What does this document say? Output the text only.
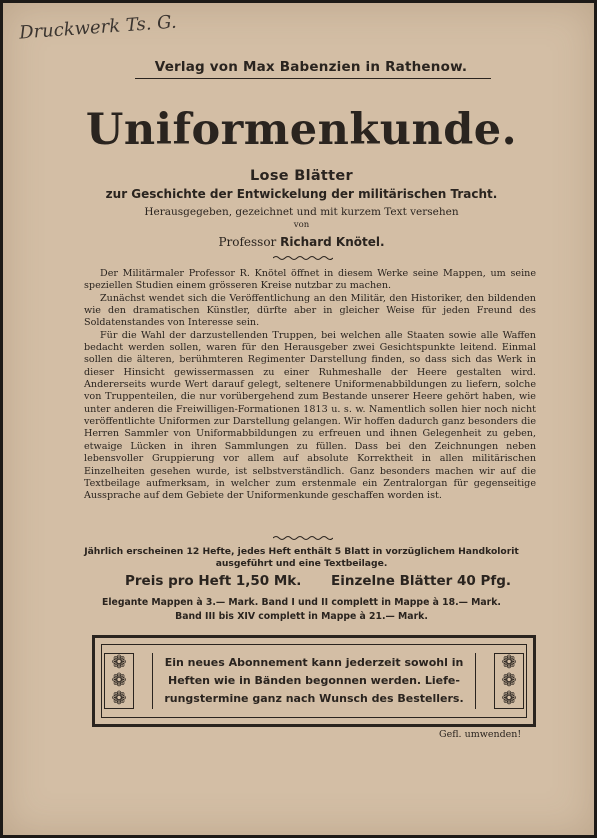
Druckwerk Ts. G.
Verlag von Max Babenzien in Rathenow.
Uniformenkunde.
Lose Blätter
zur Geschichte der Entwickelung der militärischen Tracht.
Herausgegeben, gezeichnet und mit kurzem Text versehen
von
Professor Richard Knötel.

Der Militärmaler Professor R. Knötel öffnet in diesem Werke seine Mappen, um seine speziellen Studien einem grösseren Kreise nutzbar zu machen.

Zunächst wendet sich die Veröffentlichung an den Militär, den Historiker, den bildenden wie den dramatischen Künstler, dürfte aber in gleicher Weise für jeden Freund des Soldatenstandes von Interesse sein.

Für die Wahl der darzustellenden Truppen, bei welchen alle Staaten sowie alle Waffen bedacht werden sollen, waren für den Herausgeber zwei Gesichtspunkte leitend. Einmal sollen die älteren, berühmteren Regimenter Darstellung finden, so dass sich das Werk in dieser Hinsicht gewissermassen zu einer Ruhmeshalle der Heere gestalten wird. Andererseits wurde Wert darauf gelegt, seltenere Uniformenabbildungen zu liefern, solche von Truppenteilen, die nur vorübergehend zum Bestande unserer Heere gehört haben, wie unter anderen die Freiwilligen-Formationen 1813 u. s. w. Namentlich sollen hier noch nicht veröffentlichte Uniformen zur Darstellung gelangen. Wir hoffen dadurch ganz besonders die Herren Sammler von Uniformabbildungen zu erfreuen und ihnen Gelegenheit zu geben, etwaige Lücken in ihren Sammlungen zu füllen. Dass bei den Zeichnungen neben lebensvoller Gruppierung vor allem auf absolute Korrektheit in allen militärischen Einzelheiten gesehen wurde, ist selbstverständlich. Ganz besonders machen wir auf die Textbeilage aufmerksam, in welcher zum erstenmale ein Zentralorgan für gegenseitige Aussprache auf dem Gebiete der Uniformenkunde geschaffen worden ist.

Jährlich erscheinen 12 Hefte, jedes Heft enthält 5 Blatt in vorzüglichem Handkolorit
ausgeführt und eine Textbeilage.
Preis pro Heft 1,50 Mk. Einzelne Blätter 40 Pfg.
Elegante Mappen à 3.— Mark. Band I und II complett in Mappe à 18.— Mark.
Band III bis XIV complett in Mappe à 21.— Mark.
❁
❁
❁
Ein neues Abonnement kann jederzeit sowohl in
Heften wie in Bänden begonnen werden. Liefe-
rungstermine ganz nach Wunsch des Bestellers.
❁
❁
❁
Gefl. umwenden!
